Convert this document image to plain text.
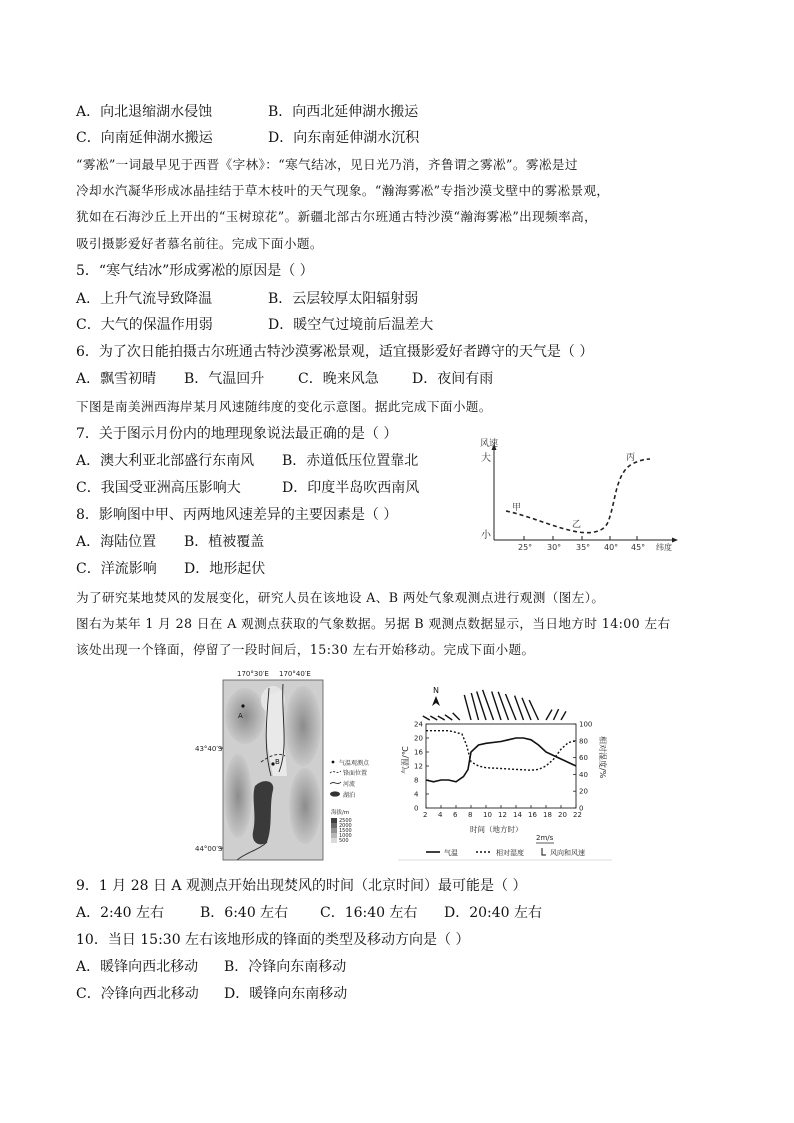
A．向北退缩湖水侵蚀	B．向西北延伸湖水搬运
C．向南延伸湖水搬运	D．向东南延伸湖水沉积
“雾凇”一词最早见于西晋《字林》：“寒气结冰，见日光乃消，齐鲁谓之雾凇”。雾凇是过
冷却水汽凝华形成冰晶挂结于草木枝叶的天气现象。“瀚海雾凇”专指沙漠戈壁中的雾凇景观，
犹如在石海沙丘上开出的“玉树琼花”。新疆北部古尔班通古特沙漠“瀚海雾凇”出现频率高，
吸引摄影爱好者慕名前往。完成下面小题。
5．“寒气结冰”形成雾凇的原因是（ ）
A．上升气流导致降温	B．云层较厚太阳辐射弱
C．大气的保温作用弱	D．暖空气过境前后温差大
6．为了次日能拍摄古尔班通古特沙漠雾凇景观，适宜摄影爱好者蹲守的天气是（ ）
A．飘雪初晴 B．气温回升 C．晚来风急 D．夜间有雨
下图是南美洲西海岸某月风速随纬度的变化示意图。据此完成下面小题。
7．关于图示月份内的地理现象说法最正确的是（ ）
A．澳大利亚北部盛行东南风 B．赤道低压位置靠北
C．我国受亚洲高压影响大	D．印度半岛吹西南风
8．影响图中甲、丙两地风速差异的主要因素是（ ）
A．海陆位置 B．植被覆盖
C．洋流影响 D．地形起伏
风速
大
小
25° 30° 35° 40° 45° 纬度
甲
乙
丙
为了研究某地焚风的发展变化，研究人员在该地设 A、B 两处气象观测点进行观测（图左）。
图右为某年 1 月 28 日在 A 观测点获取的气象数据。另据 B 观测点数据显示，当日地方时 14:00 左右
该处出现一个锋面，停留了一段时间后，15:30 左右开始移动。完成下面小题。
170°30′E 170°40′E
A
B
43°40′S
44°00′S
气温观测点
锋面位置
河流
湖泊
海拔/m
2500
2000
1500
1000
500
N
2 4 6 8 10 12 14 16 18 20 22
24
20
16
12
8
4
0
100
80
60
40
20
0
气温/℃	相对湿度/%
时间（地方时）
2m/s
气温	相对湿度	风向和风速
9．1 月 28 日 A 观测点开始出现焚风的时间（北京时间）最可能是（ ）
A．2:40 左右	B．6:40 左右 C．16:40 左右 D．20:40 左右
10．当日 15:30 左右该地形成的锋面的类型及移动方向是（ ）
A．暖锋向西北移动 B．冷锋向东南移动
C．冷锋向西北移动 D．暖锋向东南移动
